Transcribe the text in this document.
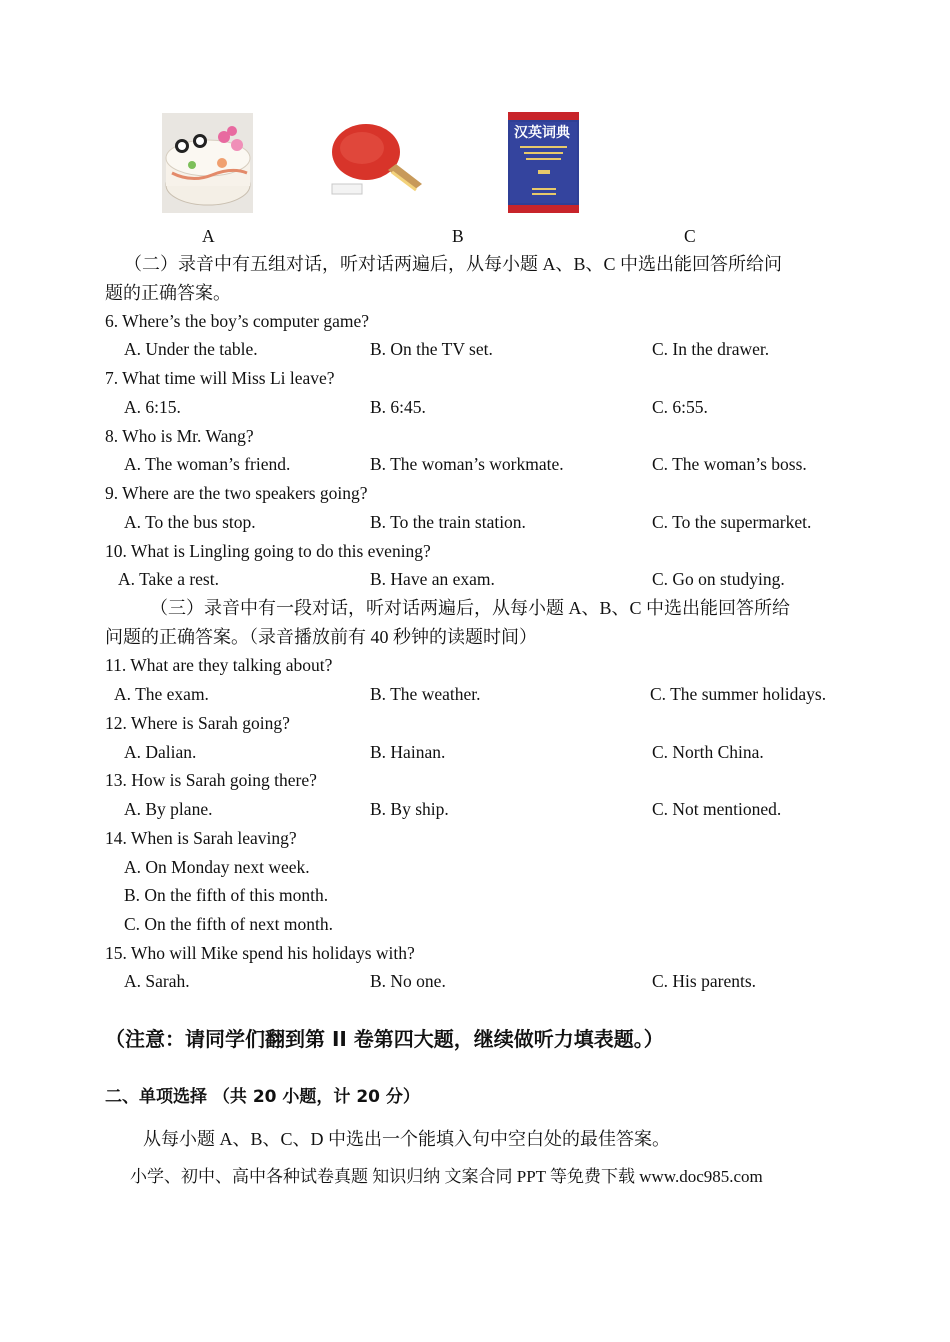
汉英词典
A	B	C
（二）录音中有五组对话，听对话两遍后，从每小题 A、B、C 中选出能回答所给问
题的正确答案。
6. Where’s the boy’s computer game?
A. Under the table.	B. On the TV set.	C. In the drawer.
7. What time will Miss Li leave?
A. 6:15.	B. 6:45.	C. 6:55.
8. Who is Mr. Wang?
A. The woman’s friend.	B. The woman’s workmate.	C. The woman’s boss.
9. Where are the two speakers going?
A. To the bus stop.	B. To the train station.	C. To the supermarket.
10. What is Lingling going to do this evening?
A. Take a rest.	B. Have an exam.	C. Go on studying.
（三）录音中有一段对话，听对话两遍后，从每小题 A、B、C 中选出能回答所给
问题的正确答案。（录音播放前有 40 秒钟的读题时间）
11. What are they talking about?
A. The exam.	B. The weather.	C. The summer holidays.
12. Where is Sarah going?
A. Dalian.	B. Hainan.	C. North China.
13. How is Sarah going there?
A. By plane.	B. By ship.	C. Not mentioned.
14. When is Sarah leaving?
A. On Monday next week.
B. On the fifth of this month.
C. On the fifth of next month.
15. Who will Mike spend his holidays with?
A. Sarah.	B. No one.	C. His parents.
（注意：请同学们翻到第 II 卷第四大题，继续做听力填表题。）
二、单项选择 （共 20 小题，计 20 分）
从每小题 A、B、C、D 中选出一个能填入句中空白处的最佳答案。
小学、初中、高中各种试卷真题 知识归纳 文案合同 PPT 等免费下载 www.doc985.com
